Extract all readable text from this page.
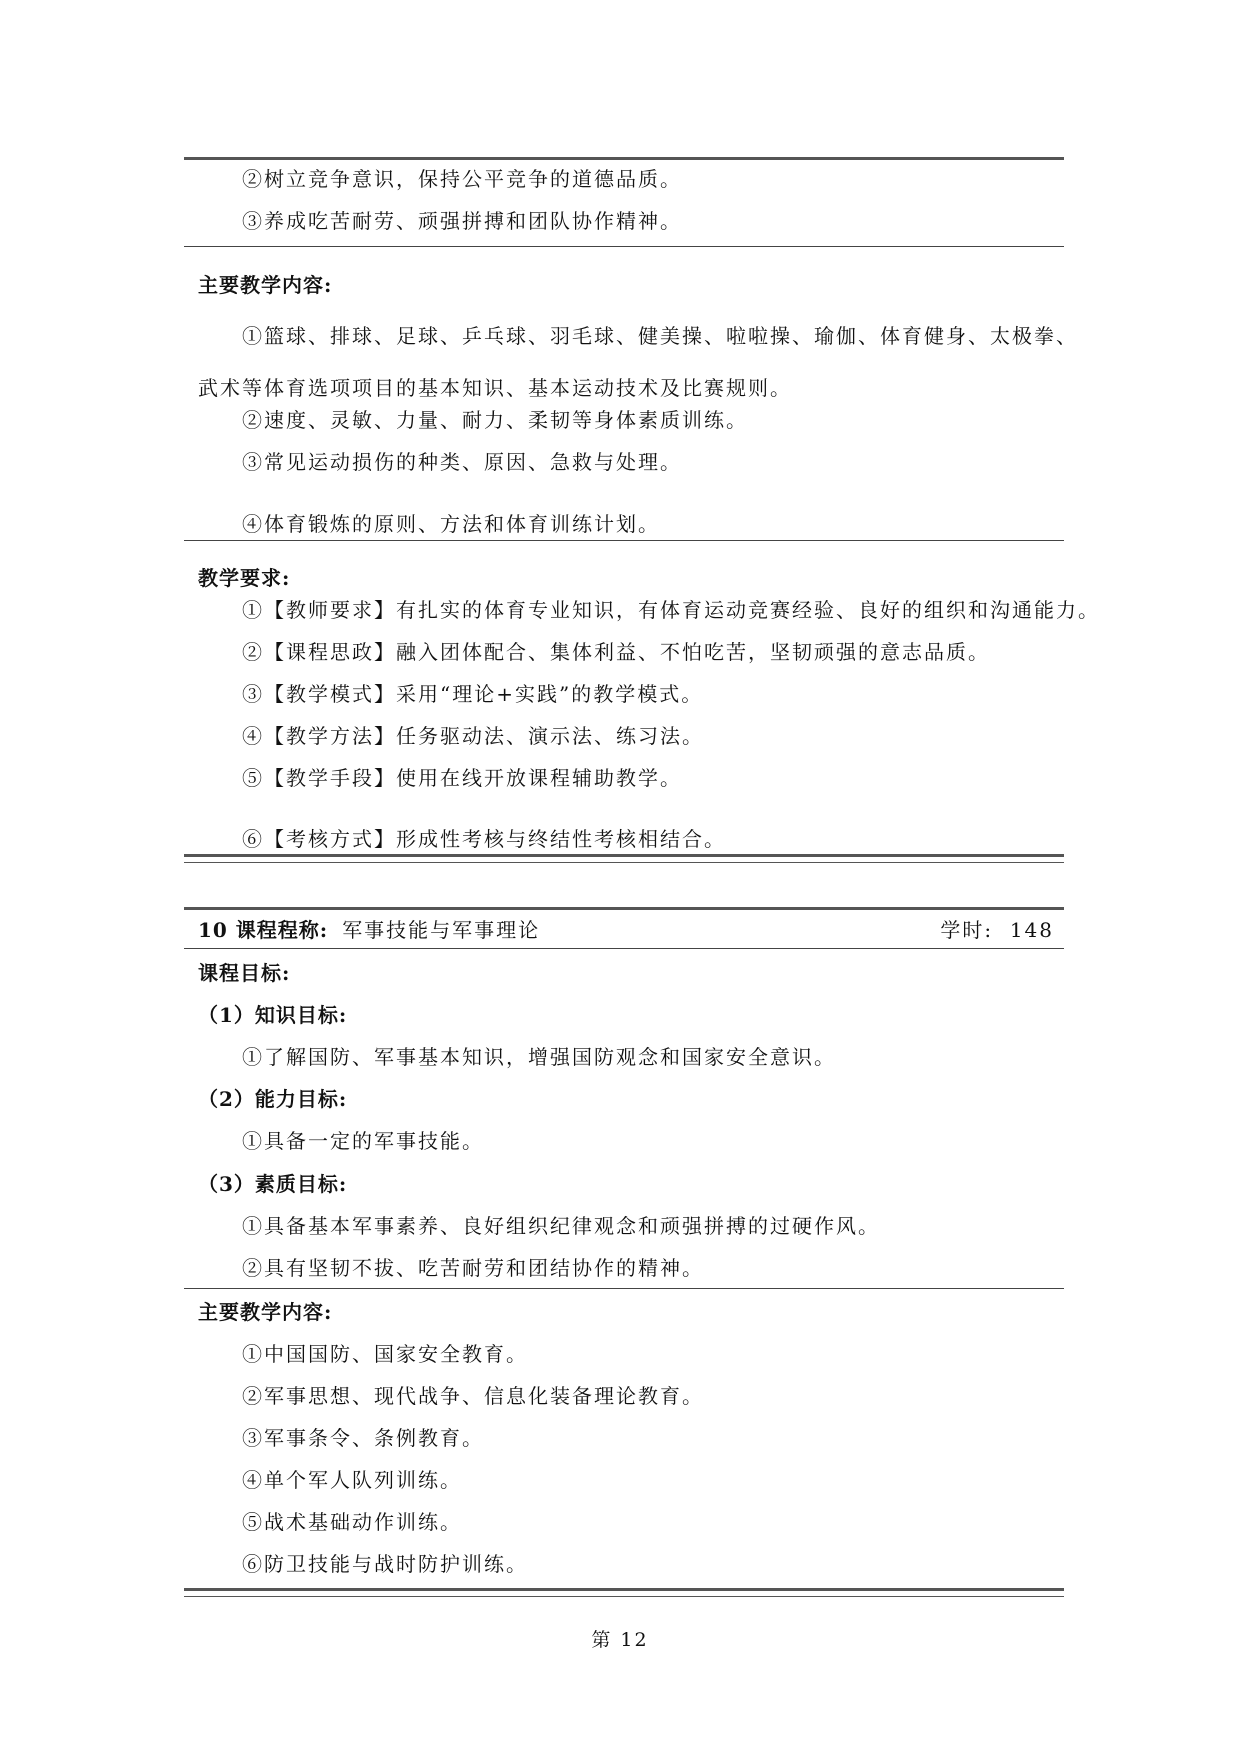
②树立竞争意识，保持公平竞争的道德品质。
③养成吃苦耐劳、顽强拼搏和团队协作精神。
主要教学内容:
①篮球、排球、足球、乒乓球、羽毛球、健美操、啦啦操、瑜伽、体育健身、太极拳、
武术等体育选项项目的基本知识、基本运动技术及比赛规则。
②速度、灵敏、力量、耐力、柔韧等身体素质训练。
③常见运动损伤的种类、原因、急救与处理。
④体育锻炼的原则、方法和体育训练计划。
教学要求:
①【教师要求】有扎实的体育专业知识，有体育运动竞赛经验、良好的组织和沟通能力。
②【课程思政】融入团体配合、集体利益、不怕吃苦，坚韧顽强的意志品质。
③【教学模式】采用“理论+实践”的教学模式。
④【教学方法】任务驱动法、演示法、练习法。
⑤【教学手段】使用在线开放课程辅助教学。
⑥【考核方式】形成性考核与终结性考核相结合。
10 课程程称: 军事技能与军事理论	学时: 148
课程目标:
（1）知识目标:
①了解国防、军事基本知识，增强国防观念和国家安全意识。
（2）能力目标:
①具备一定的军事技能。
（3）素质目标:
①具备基本军事素养、良好组织纪律观念和顽强拼搏的过硬作风。
②具有坚韧不拔、吃苦耐劳和团结协作的精神。
主要教学内容:
①中国国防、国家安全教育。
②军事思想、现代战争、信息化装备理论教育。
③军事条令、条例教育。
④单个军人队列训练。
⑤战术基础动作训练。
⑥防卫技能与战时防护训练。
第 12
